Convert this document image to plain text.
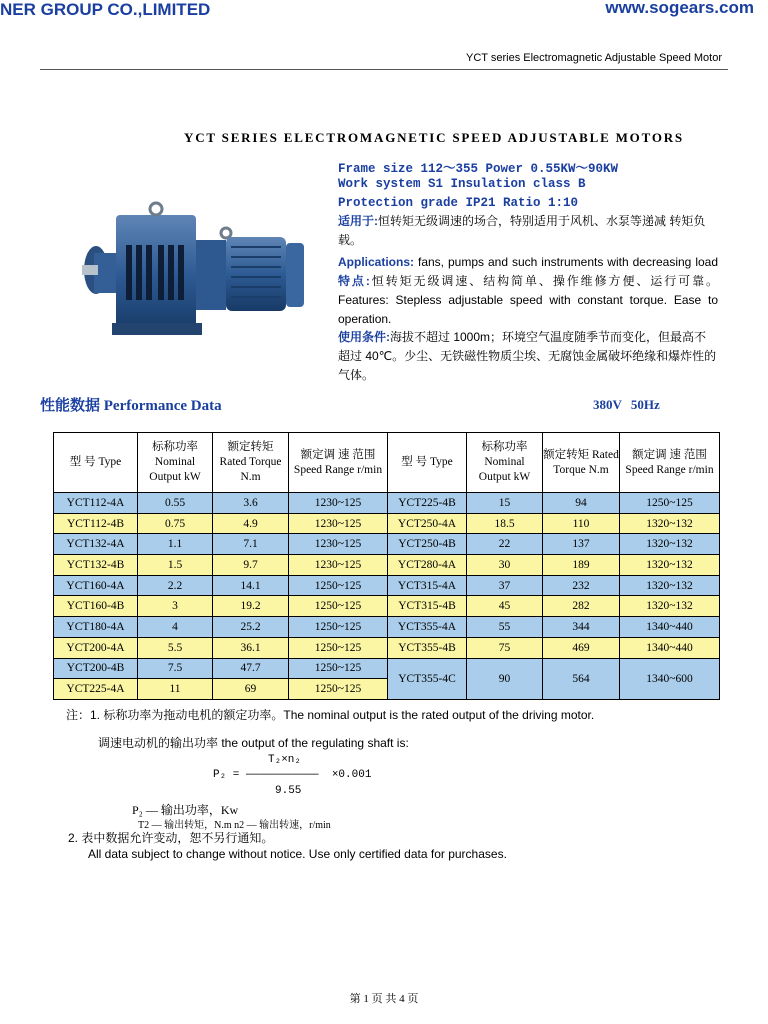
NER GROUP CO.,LIMITED	www.sogears.com
YCT series Electromagnetic Adjustable Speed Motor
YCT SERIES ELECTROMAGNETIC SPEED ADJUSTABLE MOTORS
Frame size 112～355 Power 0.55KW～90KW
Work system S1 Insulation class B
Protection grade IP21 Ratio 1:10
适用于:恒转矩无级调速的场合，特别适用于风机、水泵等递减 转矩负载。
Applications: fans, pumps and such instruments with decreasing load 特点:恒转矩无级调速、结构简单、操作维修方便、运行可靠。 Features: Stepless adjustable speed with constant torque. Ease to operation.
使用条件:海拔不超过 1000m；环境空气温度随季节而变化，但最高不超过 40℃。少尘、无铁磁性物质尘埃、无腐蚀金属破坏绝缘和爆炸性的气体。
性能数据 Performance Data	380V 50Hz
型 号 Type	标称功率 Nominal Output kW	额定转矩 Rated Torque N.m	额定调 速 范围 Speed Range r/min	型 号 Type	标称功率 Nominal Output kW	额定转矩 Rated Torque N.m	额定调 速 范围 Speed Range r/min
YCT112-4A	0.55	3.6	1230~125	YCT225-4B	15	94	1250~125
YCT112-4B	0.75	4.9	1230~125	YCT250-4A	18.5	110	1320~132
YCT132-4A	1.1	7.1	1230~125	YCT250-4B	22	137	1320~132
YCT132-4B	1.5	9.7	1230~125	YCT280-4A	30	189	1320~132
YCT160-4A	2.2	14.1	1250~125	YCT315-4A	37	232	1320~132
YCT160-4B	3	19.2	1250~125	YCT315-4B	45	282	1320~132
YCT180-4A	4	25.2	1250~125	YCT355-4A	55	344	1340~440
YCT200-4A	5.5	36.1	1250~125	YCT355-4B	75	469	1340~440
YCT200-4B	7.5	47.7	1250~125	YCT355-4C	90	564	1340~600
YCT225-4A	11	69	1250~125				
注：1. 标称功率为拖动电机的额定功率。The nominal output is the rated output of the driving motor.
调速电动机的输出功率 the output of the regulating shaft is:
T₂×n₂
P₂ = ———————————  ×0.001
9.55
P₂ — 输出功率，Kw
T2 — 输出转矩，N.m n2 — 输出转速，r/min
2. 表中数据允许变动，恕不另行通知。
All data subject to change without notice. Use only certified data for purchases.
第 1 页 共 4 页
